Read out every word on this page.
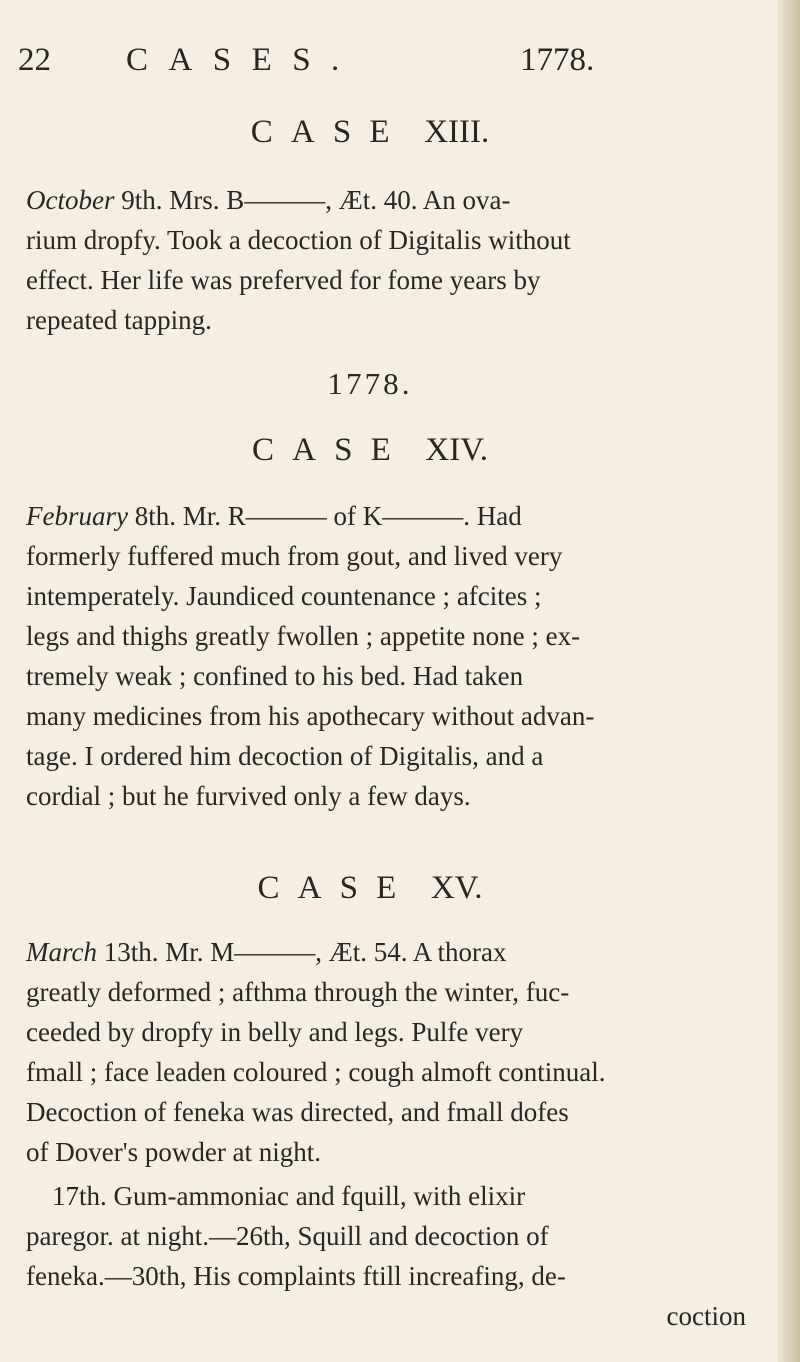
22 CASES.	1778.
CASE XIII.
October 9th. Mrs. B———, Æt. 40. An ova-
rium dropfy. Took a decoction of Digitalis without
effect. Her life was preferved for fome years by
repeated tapping.
1778.
CASE XIV.
February 8th. Mr. R——— of K———. Had
formerly fuffered much from gout, and lived very
intemperately. Jaundiced countenance ; afcites ;
legs and thighs greatly fwollen ; appetite none ; ex-
tremely weak ; confined to his bed. Had taken
many medicines from his apothecary without advan-
tage. I ordered him decoction of Digitalis, and a
cordial ; but he furvived only a few days.
CASE XV.
March 13th. Mr. M———, Æt. 54. A thorax
greatly deformed ; afthma through the winter, fuc-
ceeded by dropfy in belly and legs. Pulfe very
fmall ; face leaden coloured ; cough almoft continual.
Decoction of feneka was directed, and fmall dofes
of Dover's powder at night.
17th. Gum-ammoniac and fquill, with elixir
paregor. at night.—26th, Squill and decoction of
feneka.—30th, His complaints ftill increafing, de-
coction
